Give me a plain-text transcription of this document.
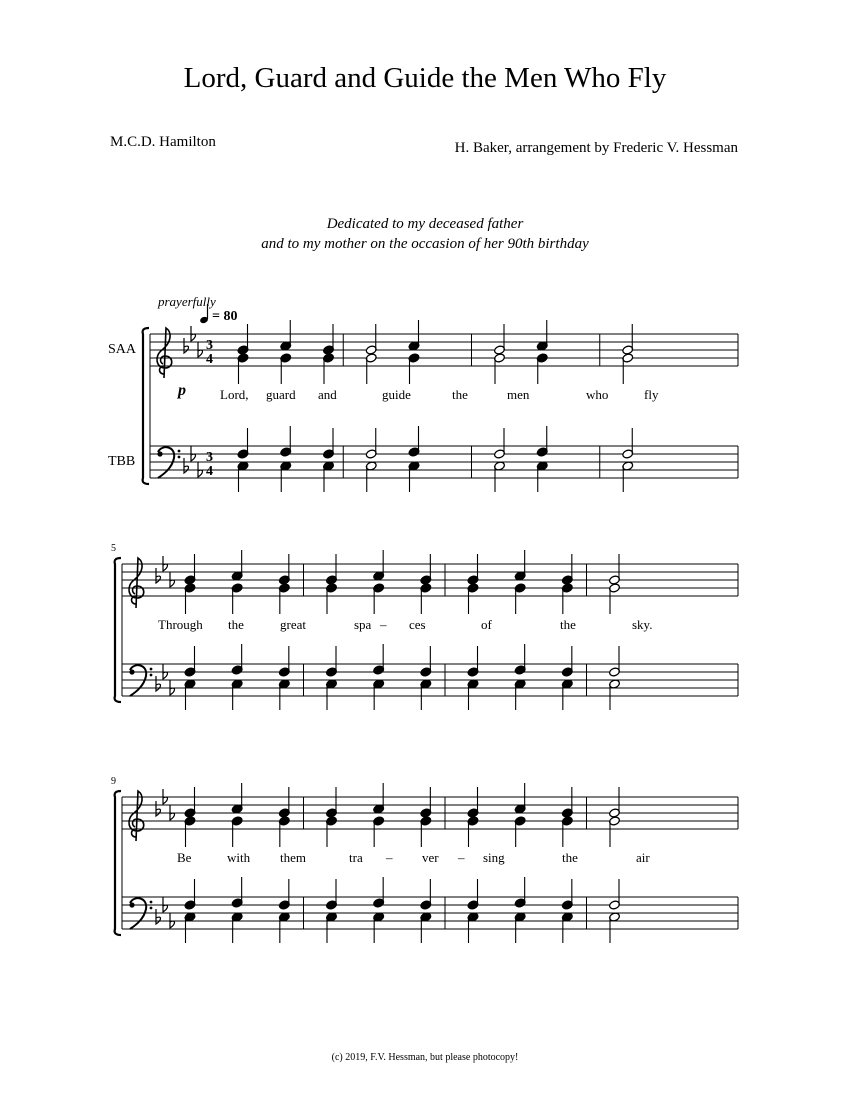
Lord, Guard and Guide the Men Who Fly
M.C.D. Hamilton	H. Baker, arrangement by Frederic V. Hessman
Dedicated to my deceased father
and to my mother on the occasion of her 90th birthday
prayerfully
= 80
p
SAA
TBB
3
4
3
4
5
9
Lord, guard and	guide	the	men	who	fly
Through the	great	spa – ces	of	the	sky.
Be	with them	tra – ver – sing	the	air
(c) 2019, F.V. Hessman, but please photocopy!
